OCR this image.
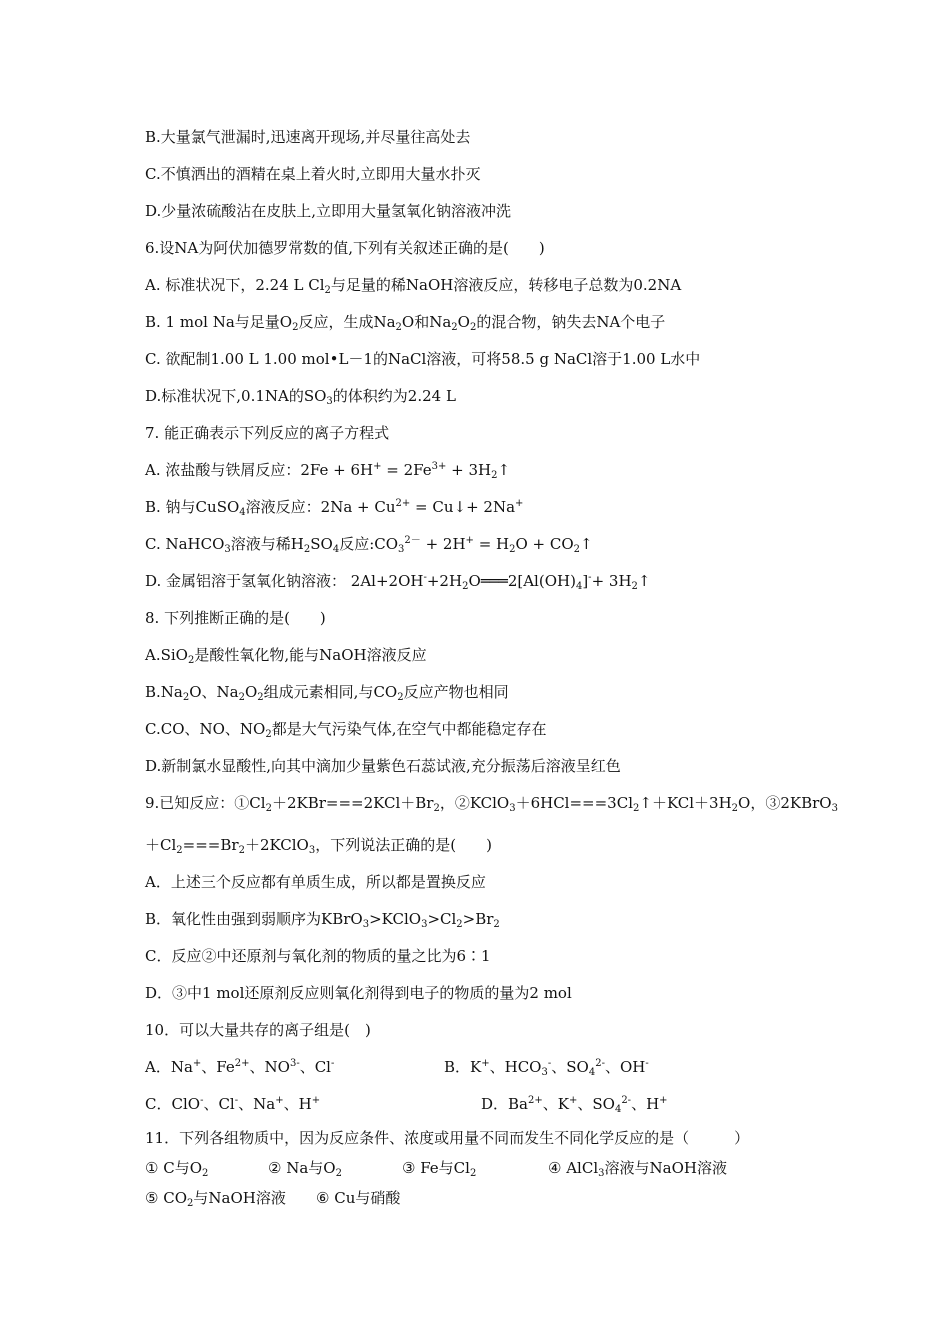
B.大量氯气泄漏时,迅速离开现场,并尽量往高处去
C.不慎洒出的酒精在桌上着火时,立即用大量水扑灭
D.少量浓硫酸沾在皮肤上,立即用大量氢氧化钠溶液冲洗
6.设NA为阿伏加德罗常数的值,下列有关叙述正确的是(　　)
A. 标准状况下，2.24 L $Cl_2$与足量的稀NaOH溶液反应，转移电子总数为0.2NA
B. 1 mol Na与足量$O_2$反应，生成$Na_2O$和$Na_2O_2$的混合物，钠失去NA个电子
C. 欲配制1.00 L 1.00 mol•L－1的NaCl溶液，可将58.5 g NaCl溶于1.00 L水中
D.标准状况下,0.1NA的$SO_3$的体积约为2.24 L
7. 能正确表示下列反应的离子方程式
A. 浓盐酸与铁屑反应：$2Fe + 6H^+ = 2Fe^{3+}$ + $3H_2↑$
B. 钠与CuSO$_4$溶液反应：$2Na + Cu^{2+}$ = Cu↓+ 2Na+
C. NaHCO$_3$溶液与稀$H_2SO_4$反应$:CO_3^{2-} + 2H^+ = H_2O$ + $CO_2↑$
D. 金属铝溶于氢氧化钠溶液： $2Al+2OH^-+2H_2O═══2[Al(OH)_4]^-+$ $3H_2↑$
8. 下列推断正确的是(　　)
A.SiO$_2$是酸性氧化物,能与NaOH溶液反应
$B.Na_2O$、$Na_2O_2$组成元素相同,与$CO_2$反应产物也相同
C.CO、NO、$NO_2$都是大气污染气体,在空气中都能稳定存在
D.新制氯水显酸性,向其中滴加少量紫色石蕊试液,充分振荡后溶液呈红色
9.已知反应：$①Cl_2+2KBr===2KCl+Br_2$，$②KClO_3+6HCl===3Cl_2↑+KCl+3H_2O$，③2KBrO$_3$
$+Cl_2===Br_2+2KClO_3$，下列说法正确的是(　　)
A．上述三个反应都有单质生成，所以都是置换反应
B．氧化性由强到弱顺序为$KBrO_3>KClO_3>Cl_2>Br_2$
C．反应②中还原剂与氧化剂的物质的量之比为6∶1
D．③中1 mol还原剂反应则氧化剂得到电子的物质的量为2 mol
10．可以大量共存的离子组是(　)
A．Na+、$Fe^{2+}$、$NO^{3-}$、Cl-	B．K+、$HCO_3^-$、$SO_4^{2-}$、OH-
C．ClO-、Cl-、Na+、H+	D．$Ba^{2+}$、K+、$SO_4^{2-}$、H+
11．下列各组物质中，因为反应条件、浓度或用量不同而发生不同化学反应的是（　　　）
① C与$O_2$	② Na与$O_2$	③ Fe与$Cl_2$	④ AlCl$_3$溶液与NaOH溶液
⑤ $CO_2$与NaOH溶液 ⑥ Cu与硝酸
